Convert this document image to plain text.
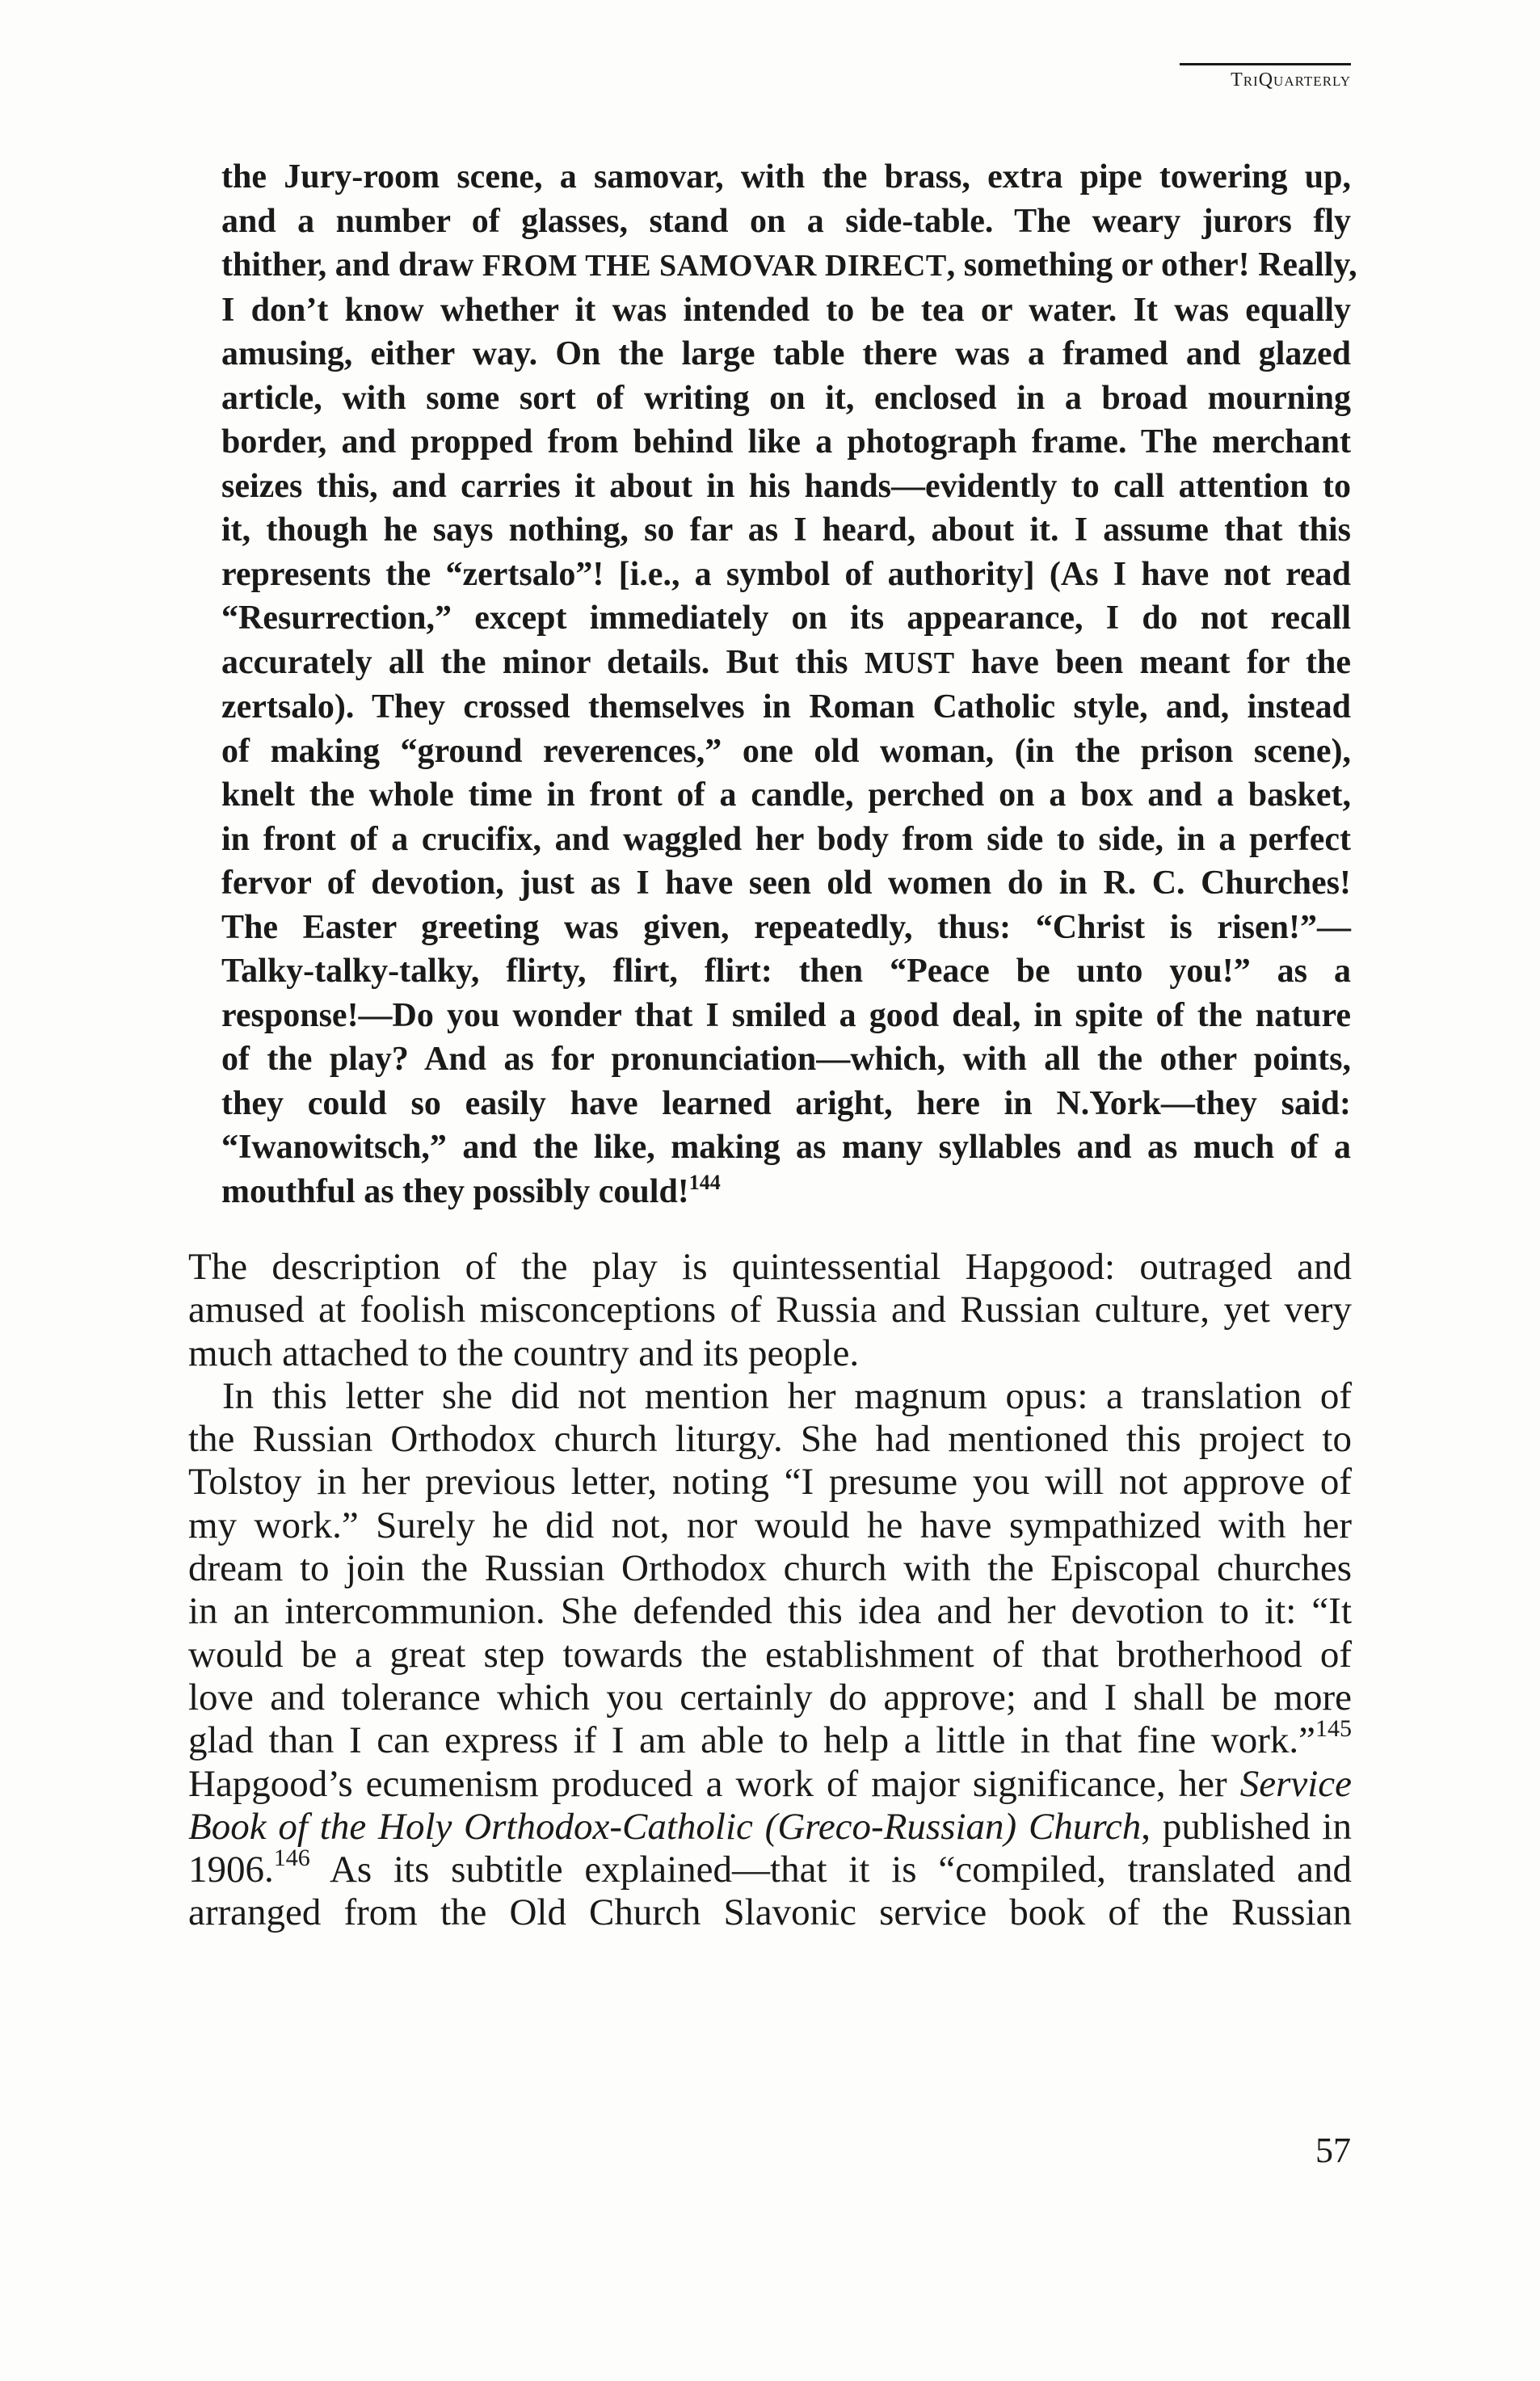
TriQuarterly
the Jury-room scene, a samovar, with the brass, extra pipe towering up,
and a number of glasses, stand on a side-table. The weary jurors fly
thither, and draw FROM THE SAMOVAR DIRECT, something or other! Really,
I don’t know whether it was intended to be tea or water. It was equally
amusing, either way. On the large table there was a framed and glazed
article, with some sort of writing on it, enclosed in a broad mourning
border, and propped from behind like a photograph frame. The merchant
seizes this, and carries it about in his hands—evidently to call attention to
it, though he says nothing, so far as I heard, about it. I assume that this
represents the “zertsalo”! [i.e., a symbol of authority] (As I have not read
“Resurrection,” except immediately on its appearance, I do not recall
accurately all the minor details. But this MUST have been meant for the
zertsalo). They crossed themselves in Roman Catholic style, and, instead
of making “ground reverences,” one old woman, (in the prison scene),
knelt the whole time in front of a candle, perched on a box and a basket,
in front of a crucifix, and waggled her body from side to side, in a perfect
fervor of devotion, just as I have seen old women do in R. C. Churches!
The Easter greeting was given, repeatedly, thus: “Christ is risen!”—
Talky-talky-talky, flirty, flirt, flirt: then “Peace be unto you!” as a
response!—Do you wonder that I smiled a good deal, in spite of the nature
of the play? And as for pronunciation—which, with all the other points,
they could so easily have learned aright, here in N.York—they said:
“Iwanowitsch,” and the like, making as many syllables and as much of a
mouthful as they possibly could!$^{144}$
The description of the play is quintessential Hapgood: outraged and
amused at foolish misconceptions of Russia and Russian culture, yet very
much attached to the country and its people.
In this letter she did not mention her magnum opus: a translation of
the Russian Orthodox church liturgy. She had mentioned this project to
Tolstoy in her previous letter, noting “I presume you will not approve of
my work.” Surely he did not, nor would he have sympathized with her
dream to join the Russian Orthodox church with the Episcopal churches
in an intercommunion. She defended this idea and her devotion to it: “It
would be a great step towards the establishment of that brotherhood of
love and tolerance which you certainly do approve; and I shall be more
glad than I can express if I am able to help a little in that fine work.”$^{145}$
Hapgood’s ecumenism produced a work of major significance, her Service
Book of the Holy Orthodox-Catholic (Greco-Russian) Church, published in
1906.$^{146}$ As its subtitle explained—that it is “compiled, translated and
arranged from the Old Church Slavonic service book of the Russian
57
